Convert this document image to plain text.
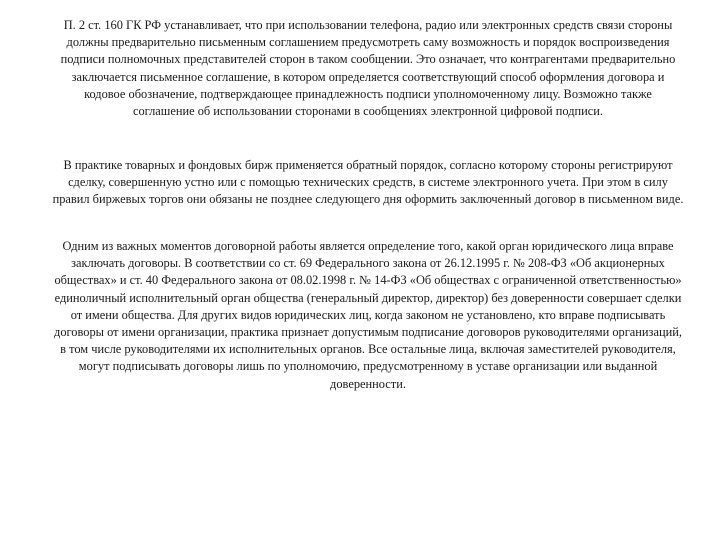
П. 2 ст. 160 ГК РФ устанавливает, что при использовании телефона, радио или электронных средств связи стороны должны предварительно письменным соглашением предусмотреть саму возможность и порядок воспроизведения подписи полномочных представителей сторон в таком сообщении. Это означает, что контрагентами предварительно заключается письменное соглашение, в котором определяется соответствующий способ оформления договора и кодовое обозначение, подтверждающее принадлежность подписи уполномоченному лицу. Возможно также соглашение об использовании сторонами в сообщениях электронной цифровой подписи.

В практике товарных и фондовых бирж применяется обратный порядок, согласно которому стороны регистрируют сделку, совершенную устно или с помощью технических средств, в системе электронного учета. При этом в силу правил биржевых торгов они обязаны не позднее следующего дня оформить заключенный договор в письменном виде.

Одним из важных моментов договорной работы является определение того, какой орган юридического лица вправе заключать договоры. В соответствии со ст. 69 Федерального закона от 26.12.1995 г. № 208-ФЗ «Об акционерных обществах» и ст. 40 Федерального закона от 08.02.1998 г. № 14-ФЗ «Об обществах с ограниченной ответственностью» единоличный исполнительный орган общества (генеральный директор, директор) без доверенности совершает сделки от имени общества. Для других видов юридических лиц, когда законом не установлено, кто вправе подписывать договоры от имени организации, практика признает допустимым подписание договоров руководителями организаций, в том числе руководителями их исполнительных органов. Все остальные лица, включая заместителей руководителя, могут подписывать договоры лишь по уполномочию, предусмотренному в уставе организации или выданной доверенности.
